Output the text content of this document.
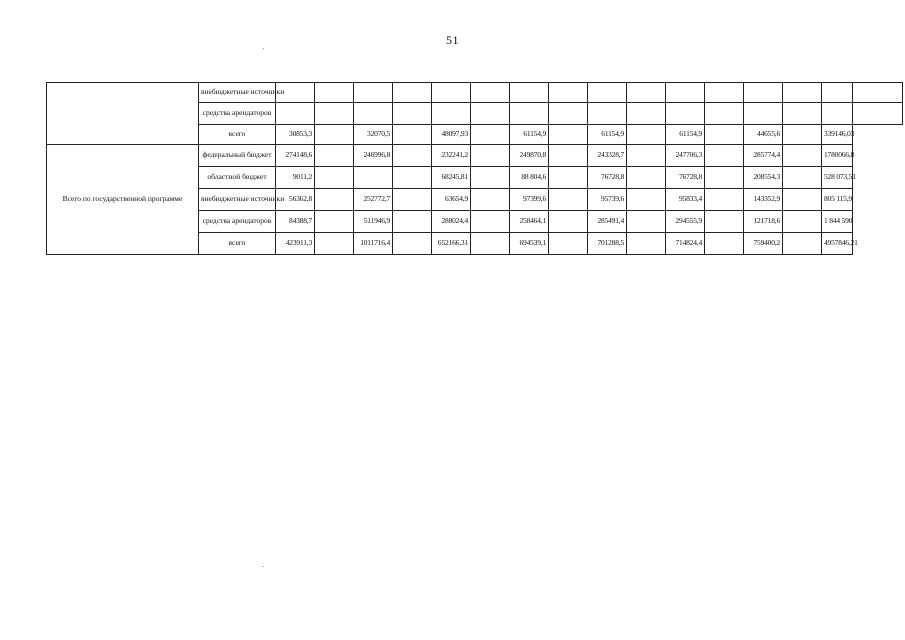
51
	внебюджетные источники																
	средства арендаторов																
	всего	30853,3		32070,5		48097,93		61154,9		61154,9		61154,9		44655,6		339146,03	
Всего по государственной программе	федеральный бюджет	274148,6		246996,8		232241,2		249870,8		243328,7		247706,3		285774,4		1780066,8	
	областной бюджет	9011,2				68245,81		88 804,6		76728,8		76728,8		208554,3		528 073,51	
	внебюджетные источники	56362,8		252772,7		63654,9		97399,6		95739,6		95833,4		143352,9		805 115,9	
	средства арендаторов	84388,7		511946,9		288024,4		258464,1		285491,4		294555,9		121718,6		1 844 590	
	всего	423911,3		1011716,4		652166,31		694539,1		701288,5		714824,4		759400,2		4957846,21	
